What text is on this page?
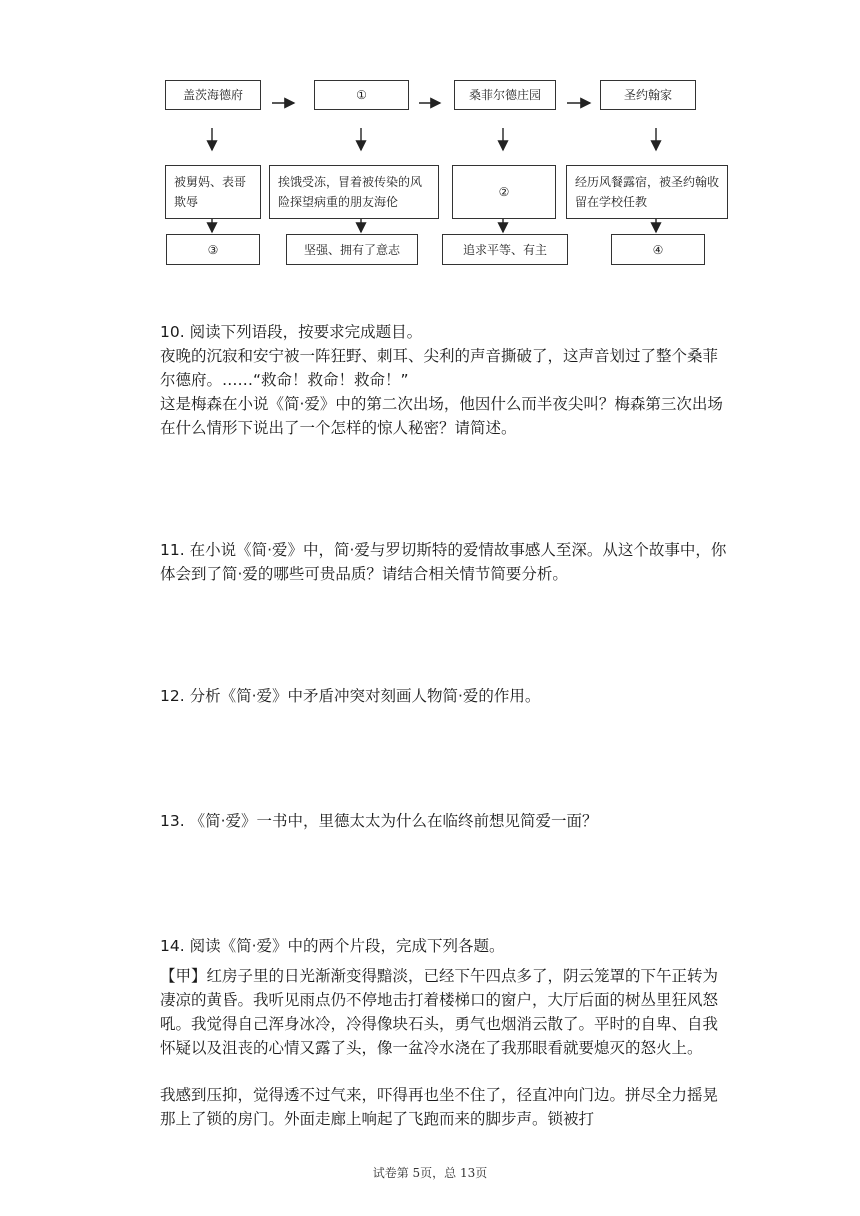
盖茨海德府	①	桑菲尔德庄园	圣约翰家
被舅妈、表哥欺辱
挨饿受冻，冒着被传染的风险探望病重的朋友海伦
②
经历风餐露宿，被圣约翰收留在学校任教
③	坚强、拥有了意志	追求平等、有主	④

10. 阅读下列语段，按要求完成题目。

夜晚的沉寂和安宁被一阵狂野、刺耳、尖利的声音撕破了，这声音划过了整个桑菲尔德府。……“救命！救命！救命！”

这是梅森在小说《简·爱》中的第二次出场，他因什么而半夜尖叫？梅森第三次出场在什么情形下说出了一个怎样的惊人秘密？请简述。

11. 在小说《简·爱》中，简·爱与罗切斯特的爱情故事感人至深。从这个故事中，你体会到了简·爱的哪些可贵品质？请结合相关情节简要分析。

12. 分析《简·爱》中矛盾冲突对刻画人物简·爱的作用。

13. 《简·爱》一书中，里德太太为什么在临终前想见简爱一面？

14. 阅读《简·爱》中的两个片段，完成下列各题。

【甲】红房子里的日光渐渐变得黯淡，已经下午四点多了，阴云笼罩的下午正转为凄凉的黄昏。我听见雨点仍不停地击打着楼梯口的窗户，大厅后面的树丛里狂风怒吼。我觉得自己浑身冰冷，冷得像块石头，勇气也烟消云散了。平时的自卑、自我怀疑以及沮丧的心情又露了头，像一盆冷水浇在了我那眼看就要熄灭的怒火上。

我感到压抑，觉得透不过气来，吓得再也坐不住了，径直冲向门边。拼尽全力摇晃那上了锁的房门。外面走廊上响起了飞跑而来的脚步声。锁被打

试卷第 5页，总 13页
